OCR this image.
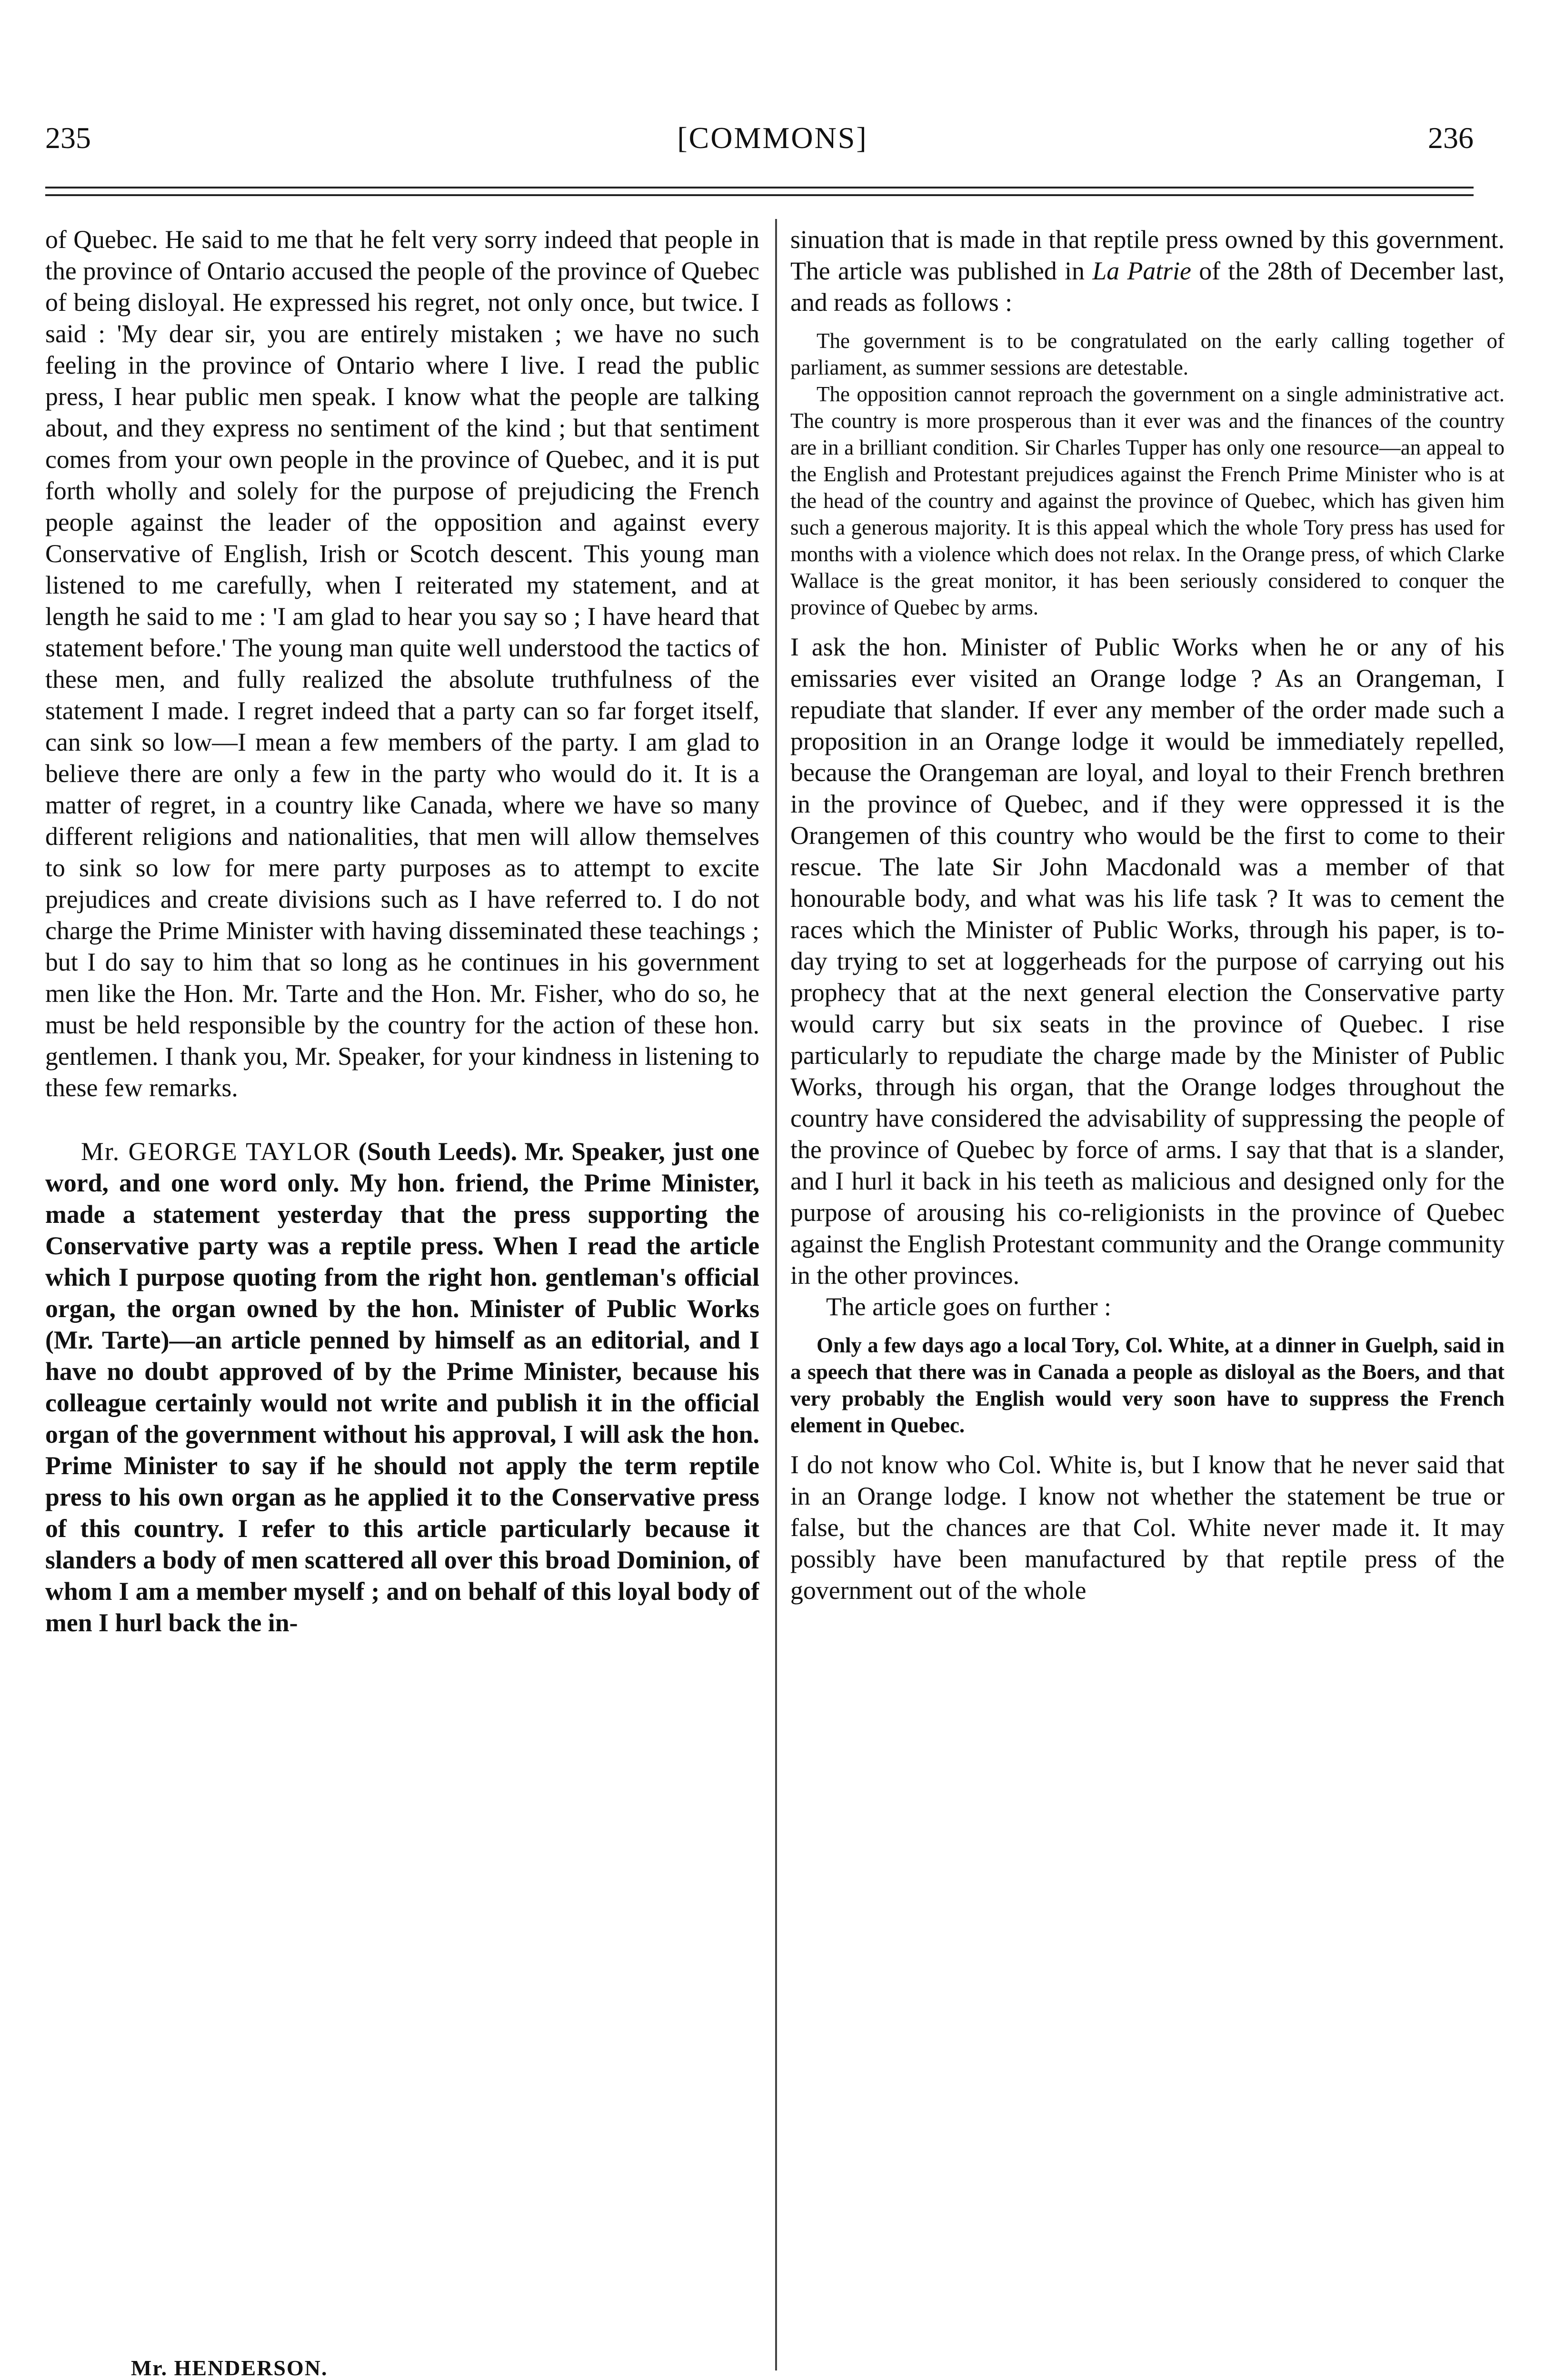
235	[COMMONS]	236

of Quebec. He said to me that he felt very sorry indeed that people in the province of Ontario accused the people of the province of Quebec of being disloyal. He expressed his regret, not only once, but twice. I said : 'My dear sir, you are entirely mistaken ; we have no such feeling in the province of Ontario where I live. I read the public press, I hear public men speak. I know what the people are talking about, and they express no sentiment of the kind ; but that sentiment comes from your own people in the province of Quebec, and it is put forth wholly and solely for the purpose of prejudicing the French people against the leader of the opposition and against every Conservative of English, Irish or Scotch descent. This young man listened to me carefully, when I reiterated my statement, and at length he said to me : 'I am glad to hear you say so ; I have heard that statement before.' The young man quite well understood the tactics of these men, and fully realized the absolute truthfulness of the statement I made. I regret indeed that a party can so far forget itself, can sink so low—I mean a few members of the party. I am glad to believe there are only a few in the party who would do it. It is a matter of regret, in a country like Canada, where we have so many different religions and nationalities, that men will allow themselves to sink so low for mere party purposes as to attempt to excite prejudices and create divisions such as I have referred to. I do not charge the Prime Minister with having disseminated these teachings ; but I do say to him that so long as he continues in his government men like the Hon. Mr. Tarte and the Hon. Mr. Fisher, who do so, he must be held responsible by the country for the action of these hon. gentlemen. I thank you, Mr. Speaker, for your kindness in listening to these few remarks.

Mr. GEORGE TAYLOR (South Leeds). Mr. Speaker, just one word, and one word only. My hon. friend, the Prime Minister, made a statement yesterday that the press supporting the Conservative party was a reptile press. When I read the article which I purpose quoting from the right hon. gentleman's official organ, the organ owned by the hon. Minister of Public Works (Mr. Tarte)—an article penned by himself as an editorial, and I have no doubt approved of by the Prime Minister, because his colleague certainly would not write and publish it in the official organ of the government without his approval, I will ask the hon. Prime Minister to say if he should not apply the term reptile press to his own organ as he applied it to the Conservative press of this country. I refer to this article particularly because it slanders a body of men scattered all over this broad Dominion, of whom I am a member myself ; and on behalf of this loyal body of men I hurl back the in-

sinuation that is made in that reptile press owned by this government. The article was published in La Patrie of the 28th of December last, and reads as follows :

The government is to be congratulated on the early calling together of parliament, as summer sessions are detestable.

The opposition cannot reproach the government on a single administrative act. The country is more prosperous than it ever was and the finances of the country are in a brilliant condition. Sir Charles Tupper has only one resource—an appeal to the English and Protestant prejudices against the French Prime Minister who is at the head of the country and against the province of Quebec, which has given him such a generous majority. It is this appeal which the whole Tory press has used for months with a violence which does not relax. In the Orange press, of which Clarke Wallace is the great monitor, it has been seriously considered to conquer the province of Quebec by arms.

I ask the hon. Minister of Public Works when he or any of his emissaries ever visited an Orange lodge ? As an Orangeman, I repudiate that slander. If ever any member of the order made such a proposition in an Orange lodge it would be immediately repelled, because the Orangeman are loyal, and loyal to their French brethren in the province of Quebec, and if they were oppressed it is the Orangemen of this country who would be the first to come to their rescue. The late Sir John Macdonald was a member of that honourable body, and what was his life task ? It was to cement the races which the Minister of Public Works, through his paper, is to-day trying to set at loggerheads for the purpose of carrying out his prophecy that at the next general election the Conservative party would carry but six seats in the province of Quebec. I rise particularly to repudiate the charge made by the Minister of Public Works, through his organ, that the Orange lodges throughout the country have considered the advisability of suppressing the people of the province of Quebec by force of arms. I say that that is a slander, and I hurl it back in his teeth as malicious and designed only for the purpose of arousing his co-religionists in the province of Quebec against the English Protestant community and the Orange community in the other provinces.

The article goes on further :

Only a few days ago a local Tory, Col. White, at a dinner in Guelph, said in a speech that there was in Canada a people as disloyal as the Boers, and that very probably the English would very soon have to suppress the French element in Quebec.

I do not know who Col. White is, but I know that he never said that in an Orange lodge. I know not whether the statement be true or false, but the chances are that Col. White never made it. It may possibly have been manufactured by that reptile press of the government out of the whole

Mr. HENDERSON.
